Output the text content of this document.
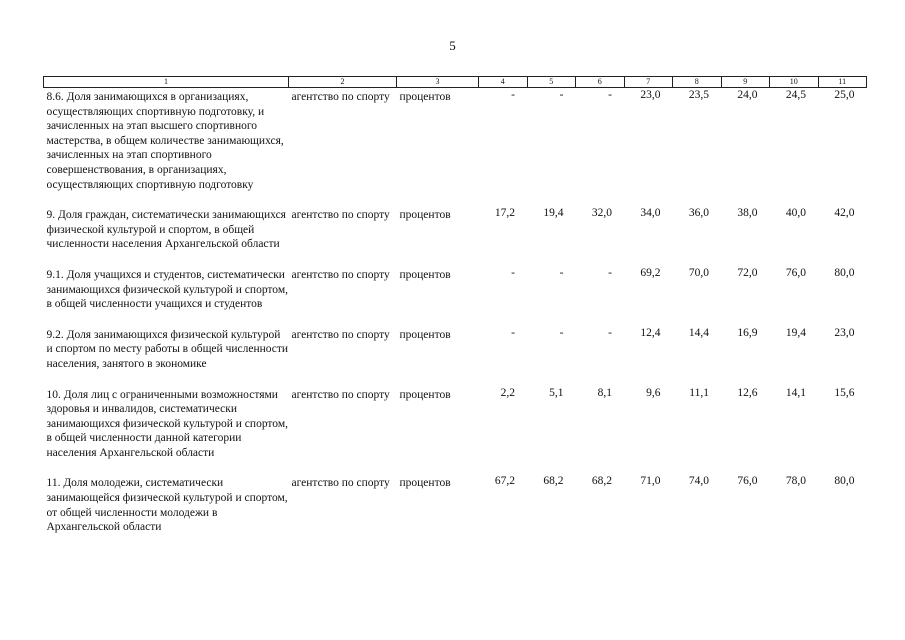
5
1	2	3	4	5	6	7	8	9	10	11
8.6. Доля занимающихся в организациях, осуществляющих спортивную подготовку, и зачисленных на этап высшего спортивного мастерства, в общем количестве занимающихся, зачисленных на этап спортивного совершенствования, в организациях, осуществляющих спортивную подготовку	агентство по спорту	процентов	-	-	-	23,0	23,5	24,0	24,5	25,0
9. Доля граждан, систематически занимающихся физической культурой и спортом, в общей численности населения Архангельской области	агентство по спорту	процентов	17,2	19,4	32,0	34,0	36,0	38,0	40,0	42,0
9.1. Доля учащихся и студентов, систематически занимающихся физической культурой и спортом, в общей численности учащихся и студентов	агентство по спорту	процентов	-	-	-	69,2	70,0	72,0	76,0	80,0
9.2. Доля занимающихся физической культурой и спортом по месту работы в общей численности населения, занятого в экономике	агентство по спорту	процентов	-	-	-	12,4	14,4	16,9	19,4	23,0
10. Доля лиц с ограниченными возможностями здоровья и инвалидов, систематически занимающихся физической культурой и спортом, в общей численности данной категории населения Архангельской области	агентство по спорту	процентов	2,2	5,1	8,1	9,6	11,1	12,6	14,1	15,6
11. Доля молодежи, систематически занимающейся физической культурой и спортом, от общей численности молодежи в Архангельской области	агентство по спорту	процентов	67,2	68,2	68,2	71,0	74,0	76,0	78,0	80,0
